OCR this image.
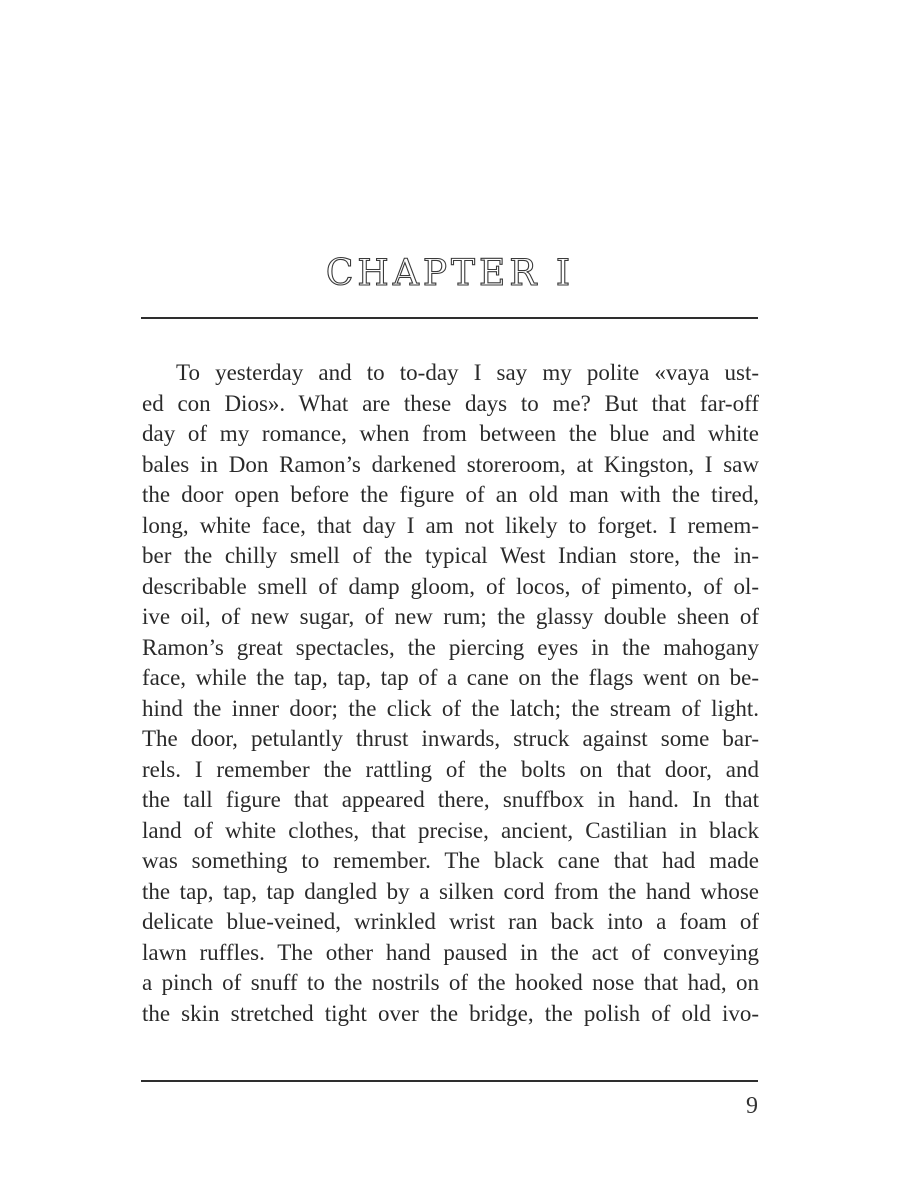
CHAPTER I
To yesterday and to to-day I say my polite «vaya ust-
ed con Dios». What are these days to me? But that far-off
day of my romance, when from between the blue and white
bales in Don Ramon’s darkened storeroom, at Kingston, I saw
the door open before the figure of an old man with the tired,
long, white face, that day I am not likely to forget. I remem-
ber the chilly smell of the typical West Indian store, the in-
describable smell of damp gloom, of locos, of pimento, of ol-
ive oil, of new sugar, of new rum; the glassy double sheen of
Ramon’s great spectacles, the piercing eyes in the mahogany
face, while the tap, tap, tap of a cane on the flags went on be-
hind the inner door; the click of the latch; the stream of light.
The door, petulantly thrust inwards, struck against some bar-
rels. I remember the rattling of the bolts on that door, and
the tall figure that appeared there, snuffbox in hand. In that
land of white clothes, that precise, ancient, Castilian in black
was something to remember. The black cane that had made
the tap, tap, tap dangled by a silken cord from the hand whose
delicate blue-veined, wrinkled wrist ran back into a foam of
lawn ruffles. The other hand paused in the act of conveying
a pinch of snuff to the nostrils of the hooked nose that had, on
the skin stretched tight over the bridge, the polish of old ivo-
9
